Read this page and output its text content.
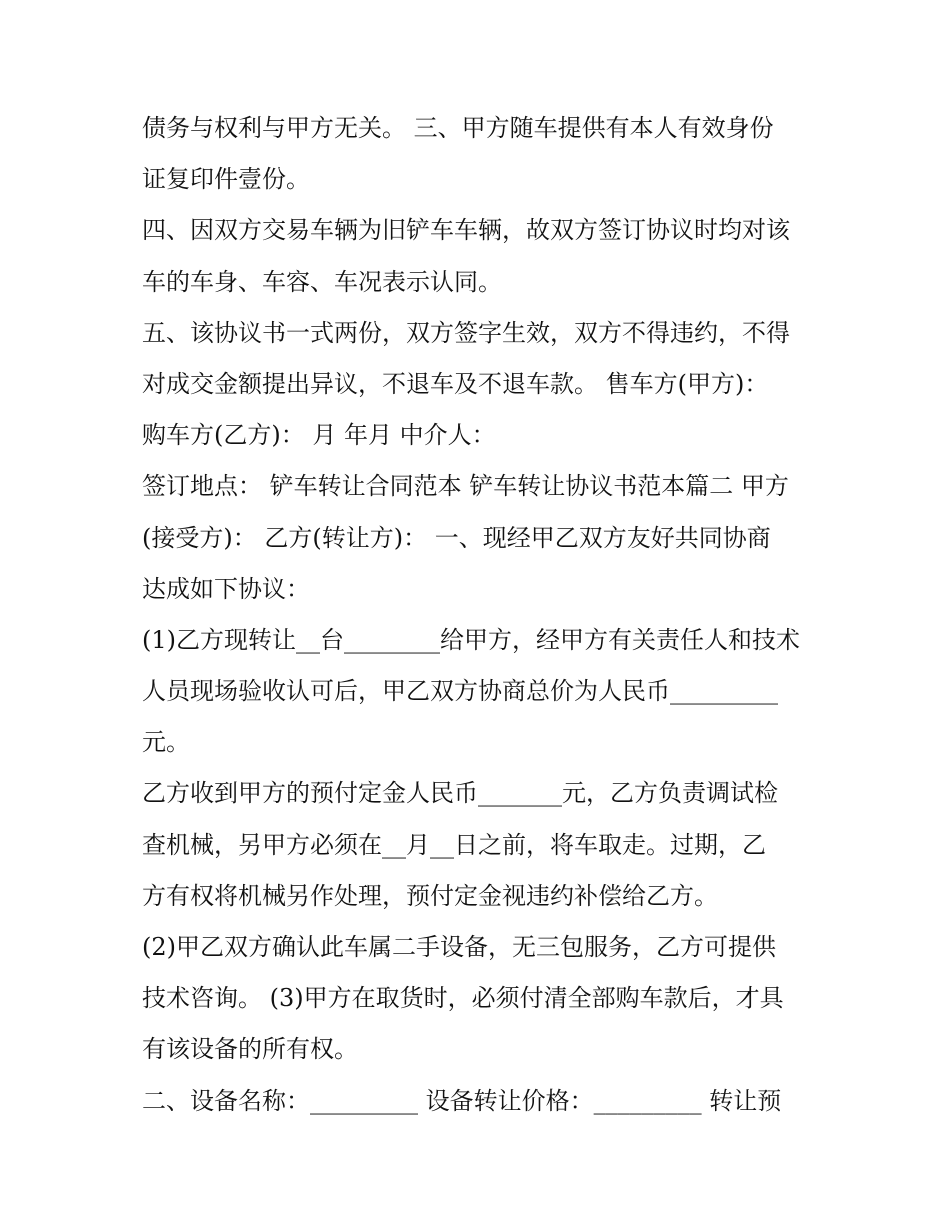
债务与权利与甲方无关。 三、甲方随车提供有本人有效身份
证复印件壹份。
四、因双方交易车辆为旧铲车车辆，故双方签订协议时均对该
车的车身、车容、车况表示认同。
五、该协议书一式两份，双方签字生效，双方不得违约，不得
对成交金额提出异议，不退车及不退车款。 售车方(甲方)：
购车方(乙方)： 月 年月 中介人：
签订地点： 铲车转让合同范本 铲车转让协议书范本篇二 甲方
(接受方)： 乙方(转让方)： 一、现经甲乙双方友好共同协商
达成如下协议：
(1)乙方现转让__台________给甲方，经甲方有关责任人和技术
人员现场验收认可后，甲乙双方协商总价为人民币_________
元。
乙方收到甲方的预付定金人民币_______元，乙方负责调试检
查机械，另甲方必须在__月__日之前，将车取走。过期，乙
方有权将机械另作处理，预付定金视违约补偿给乙方。
(2)甲乙双方确认此车属二手设备，无三包服务，乙方可提供
技术咨询。 (3)甲方在取货时，必须付清全部购车款后，才具
有该设备的所有权。
二、设备名称：_________ 设备转让价格：_________ 转让预
